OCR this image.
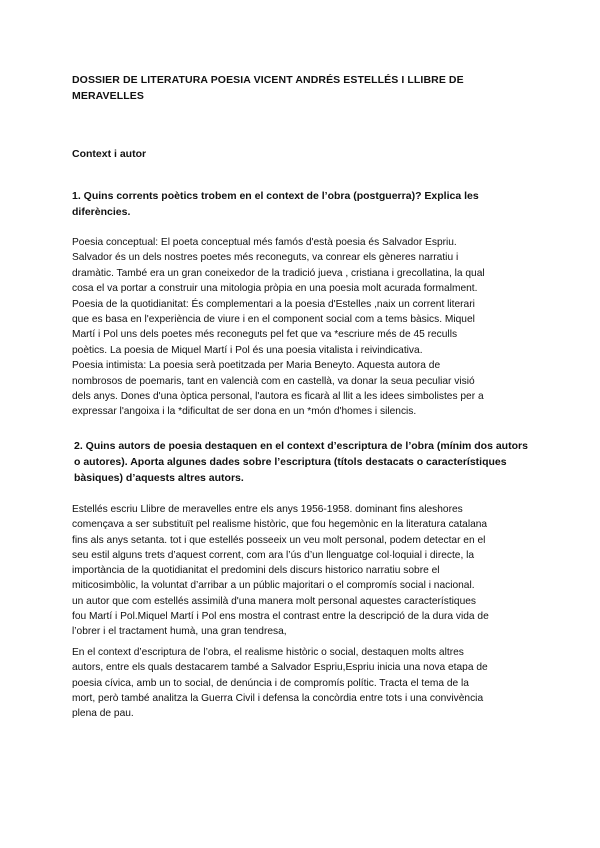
DOSSIER DE LITERATURA POESIA VICENT ANDRÉS ESTELLÉS I LLIBRE DE MERAVELLES
Context i autor
1. Quins corrents poètics trobem en el context de l’obra (postguerra)? Explica les diferències.
Poesia conceptual: El poeta conceptual més famós d'està poesia és Salvador Espriu.
Salvador és un dels nostres poetes més reconeguts, va conrear els gèneres narratiu i
dramàtic. També era un gran coneixedor de la tradició jueva , cristiana i grecollatina, la qual
cosa el va portar a construir una mitologia pròpia en una poesia molt acurada formalment.
Poesia de la quotidianitat: És complementari a la poesia d'Estelles ,naix un corrent literari
que es basa en l'experiència de viure i en el component social com a tems bàsics. Miquel
Martí i Pol uns dels poetes més reconeguts pel fet que va *escriure més de 45 reculls
poètics. La poesia de Miquel Martí i Pol és una poesia vitalista i reivindicativa.
Poesia intimista: La poesia serà poetitzada per Maria Beneyto. Aquesta autora de
nombrosos de poemaris, tant en valencià com en castellà, va donar la seua peculiar visió
dels anys. Dones d'una òptica personal, l'autora es ficarà al llit a les idees simbolistes per a
expressar l'angoixa i la *dificultat de ser dona en un *món d'homes i silencis.
2. Quins autors de poesia destaquen en el context d’escriptura de l’obra (mínim dos autors o autores). Aporta algunes dades sobre l’escriptura (títols destacats o característiques bàsiques) d’aquests altres autors.
Estellés escriu Llibre de meravelles entre els anys 1956-1958. dominant fins aleshores
començava a ser substituït pel realisme històric, que fou hegemònic en la literatura catalana
fins als anys setanta. tot i que estellés posseeix un veu molt personal, podem detectar en el
seu estil alguns trets d’aquest corrent, com ara l’ús d’un llenguatge col·loquial i directe, la
importància de la quotidianitat el predomini dels discurs historico narratiu sobre el
miticosimbòlic, la voluntat d’arribar a un públic majoritari o el compromís social i nacional.
un autor que com estellés assimilà d'una manera molt personal aquestes característiques
fou Martí i Pol.Miquel Martí i Pol ens mostra el contrast entre la descripció de la dura vida de
l’obrer i el tractament humà, una gran tendresa,
En el context d’escriptura de l’obra, el realisme històric o social, destaquen molts altres
autors, entre els quals destacarem també a Salvador Espriu,Espriu inicia una nova etapa de
poesia cívica, amb un to social, de denúncia i de compromís polític. Tracta el tema de la
mort, però també analitza la Guerra Civil i defensa la concòrdia entre tots i una convivència
plena de pau.
